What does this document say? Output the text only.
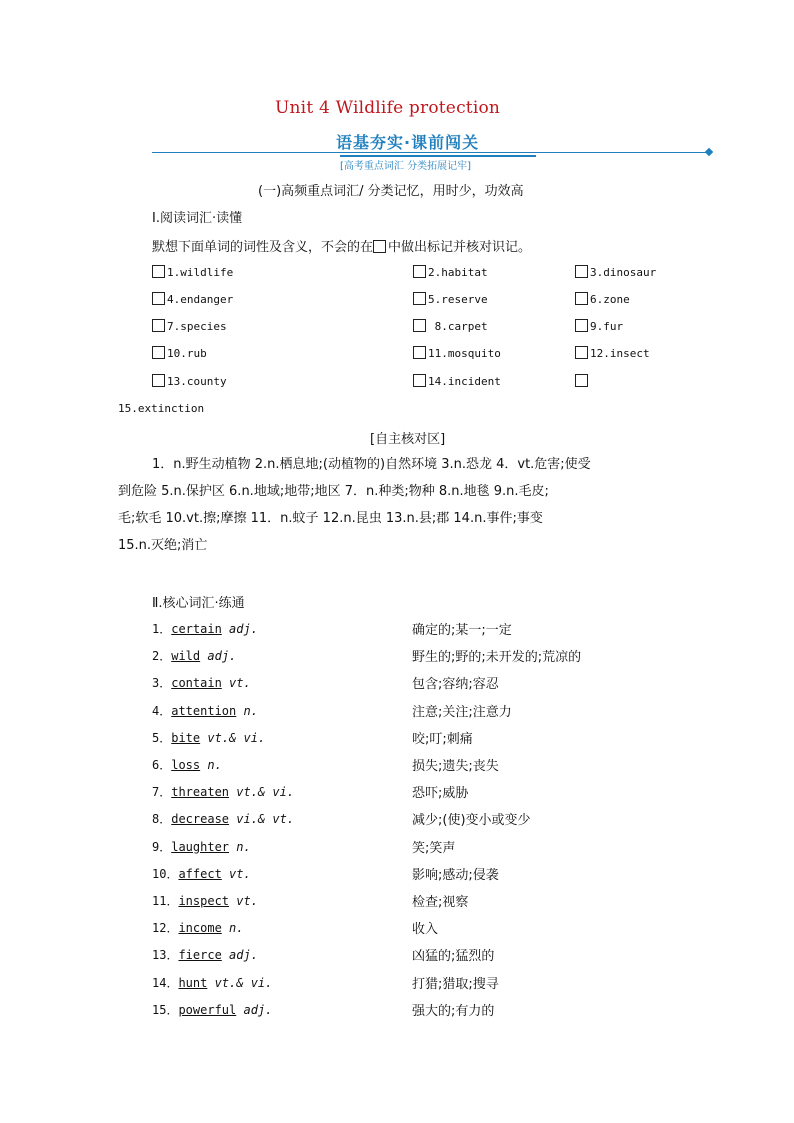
Unit 4 Wildlife protection
语基夯实·课前闯关
[高考重点词汇 分类拓展记牢]
(一)高频重点词汇/ 分类记忆，用时少，功效高
Ⅰ.阅读词汇·读懂
默想下面单词的词性及含义，不会的在 中做出标记并核对识记。
1.wildlife	2.habitat	3.dinosaur
4.endanger	5.reserve	6.zone
7.species	8.carpet	9.fur
10.rub	11.mosquito	12.insect
13.county	14.incident
15.extinction
[自主核对区]
1．n.野生动植物 2.n.栖息地;(动植物的)自然环境 3.n.恐龙 4．vt.危害;使受
到危险 5.n.保护区 6.n.地域;地带;地区 7．n.种类;物种 8.n.地毯 9.n.毛皮;
毛;软毛 10.vt.擦;摩擦 11．n.蚊子 12.n.昆虫 13.n.县;郡 14.n.事件;事变
15.n.灭绝;消亡
Ⅱ.核心词汇·练通
1．certain adj.	确定的;某一;一定
2．wild adj.	野生的;野的;未开发的;荒凉的
3．contain vt.	包含;容纳;容忍
4．attention n.	注意;关注;注意力
5．bite vt.& vi.	咬;叮;刺痛
6．loss n.	损失;遗失;丧失
7．threaten vt.& vi.	恐吓;威胁
8．decrease vi.& vt.	减少;(使)变小或变少
9．laughter n.	笑;笑声
10．affect vt.	影响;感动;侵袭
11．inspect vt.	检查;视察
12．income n.	收入
13．fierce adj.	凶猛的;猛烈的
14．hunt vt.& vi.	打猎;猎取;搜寻
15．powerful adj.	强大的;有力的
